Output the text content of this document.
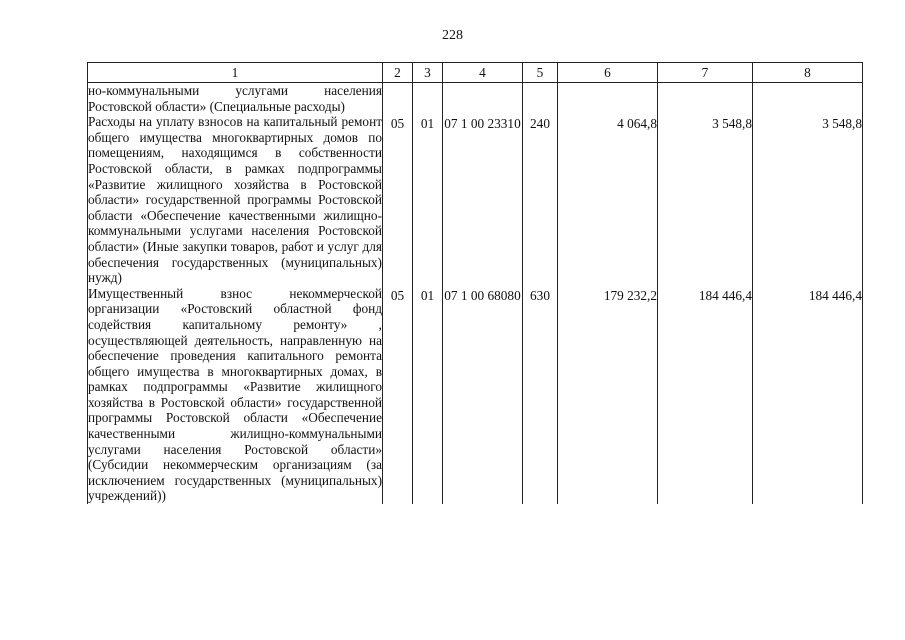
228
1	2	3	4	5	6	7	8
но-коммунальными услугами населения Ростовской области» (Специальные расходы)							
Расходы на уплату взносов на капитальный ремонт общего имущества многоквартирных домов по помещениям, находящимся в собственности Ростовской области, в рамках подпрограммы «Развитие жилищного хозяйства в Ростовской области» государственной программы Ростовской области «Обеспечение качественными жилищно-коммунальными услугами населения Ростовской области» (Иные закупки товаров, работ и услуг для обеспечения государственных (муниципальных) нужд)	05	01	07 1 00 23310	240	4 064,8	3 548,8	3 548,8
Имущественный взнос некоммерческой организации «Ростовский областной фонд содействия капитальному ремонту» , осуществляющей деятельность, направленную на обеспечение проведения капитального ремонта общего имущества в многоквартирных домах, в рамках подпрограммы «Развитие жилищного хозяйства в Ростовской области» государственной программы Ростовской области «Обеспечение качественными жилищно-коммунальными услугами населения Ростовской области» (Субсидии некоммерческим организациям (за исключением государственных (муниципальных) учреждений))	05	01	07 1 00 68080	630	179 232,2	184 446,4	184 446,4
